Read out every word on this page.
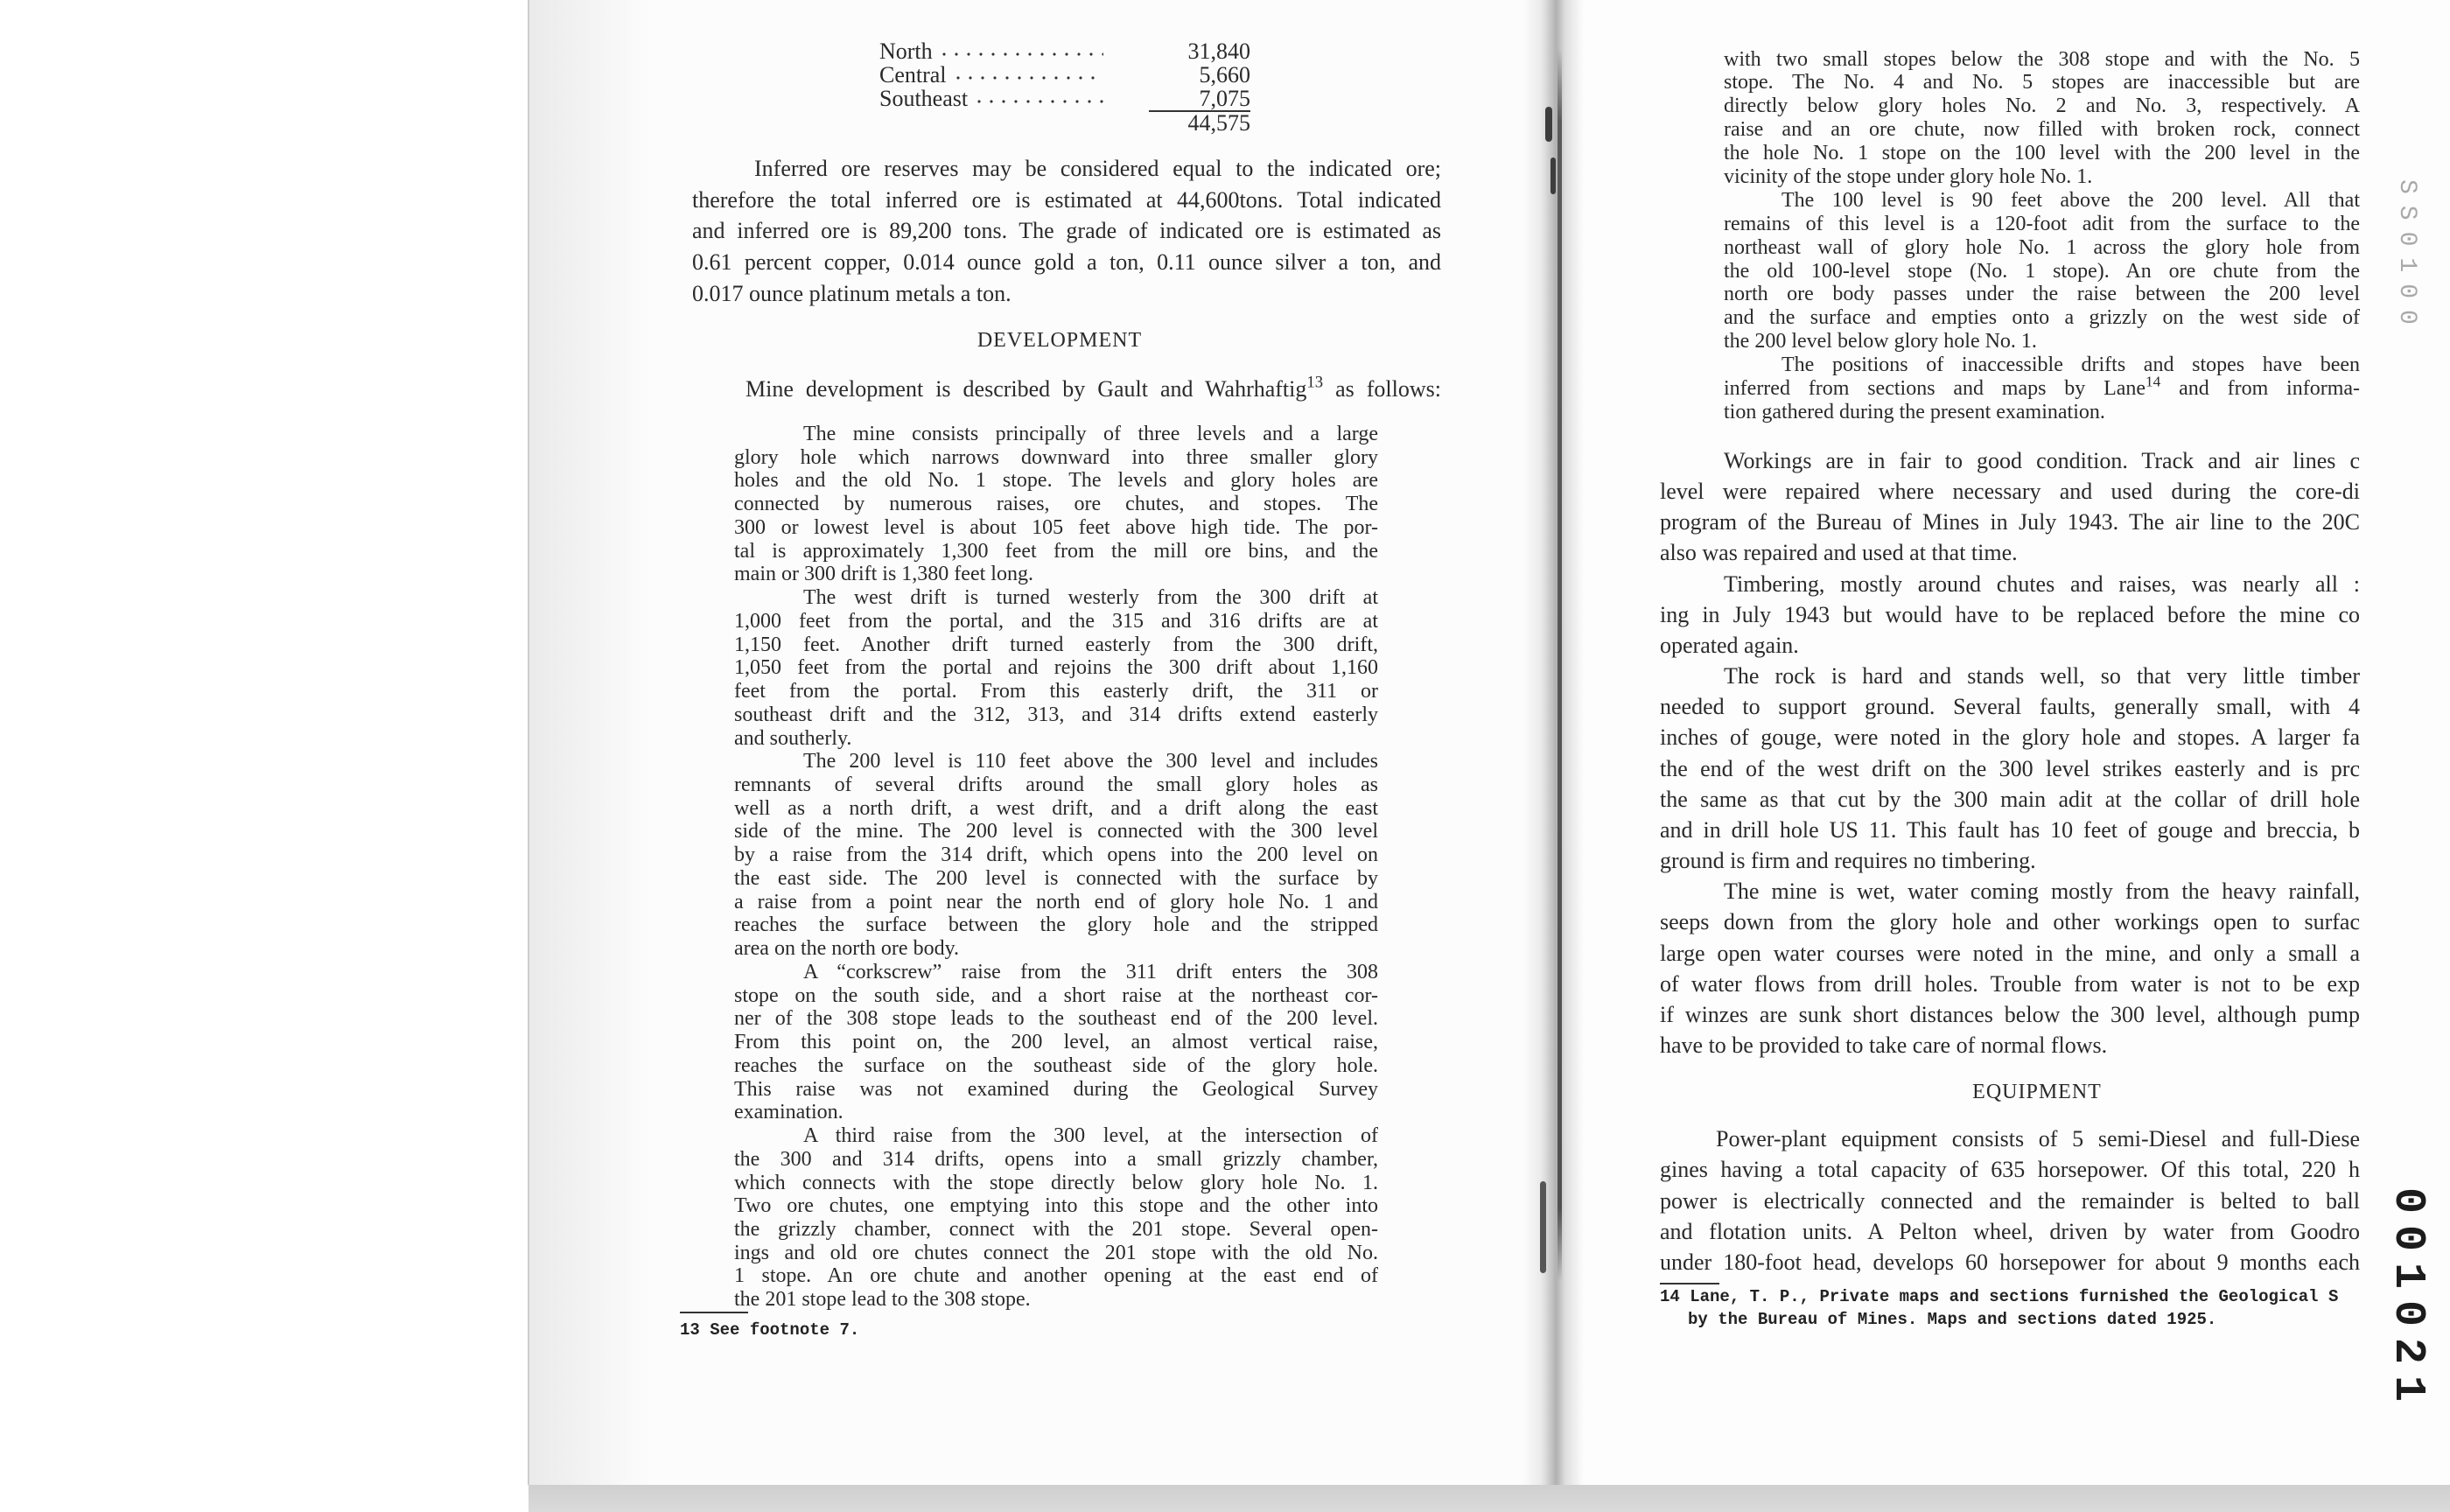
North	31,840
Central	5,660
Southeast	7,075
44,575
Inferred ore reserves may be considered equal to the indicated ore;
therefore the total inferred ore is estimated at 44,600tons. Total indicated
and inferred ore is 89,200 tons. The grade of indicated ore is estimated as
0.61 percent copper, 0.014 ounce gold a ton, 0.11 ounce silver a ton, and
0.017 ounce platinum metals a ton.
DEVELOPMENT
Mine development is described by Gault and Wahrhaftig$^{13}$ as follows:
The mine consists principally of three levels and a large
glory hole which narrows downward into three smaller glory
holes and the old No. 1 stope. The levels and glory holes are
connected by numerous raises, ore chutes, and stopes. The
300 or lowest level is about 105 feet above high tide. The por-
tal is approximately 1,300 feet from the mill ore bins, and the
main or 300 drift is 1,380 feet long.
The west drift is turned westerly from the 300 drift at
1,000 feet from the portal, and the 315 and 316 drifts are at
1,150 feet. Another drift turned easterly from the 300 drift,
1,050 feet from the portal and rejoins the 300 drift about 1,160
feet from the portal. From this easterly drift, the 311 or
southeast drift and the 312, 313, and 314 drifts extend easterly
and southerly.
The 200 level is 110 feet above the 300 level and includes
remnants of several drifts around the small glory holes as
well as a north drift, a west drift, and a drift along the east
side of the mine. The 200 level is connected with the 300 level
by a raise from the 314 drift, which opens into the 200 level on
the east side. The 200 level is connected with the surface by
a raise from a point near the north end of glory hole No. 1 and
reaches the surface between the glory hole and the stripped
area on the north ore body.
A “corkscrew” raise from the 311 drift enters the 308
stope on the south side, and a short raise at the northeast cor-
ner of the 308 stope leads to the southeast end of the 200 level.
From this point on, the 200 level, an almost vertical raise,
reaches the surface on the southeast side of the glory hole.
This raise was not examined during the Geological Survey
examination.
A third raise from the 300 level, at the intersection of
the 300 and 314 drifts, opens into a small grizzly chamber,
which connects with the stope directly below glory hole No. 1.
Two ore chutes, one emptying into this stope and the other into
the grizzly chamber, connect with the 201 stope. Several open-
ings and old ore chutes connect the 201 stope with the old No.
1 stope. An ore chute and another opening at the east end of
the 201 stope lead to the 308 stope.
13 See footnote 7.
with two small stopes below the 308 stope and with the No. 5
stope. The No. 4 and No. 5 stopes are inaccessible but are
directly below glory holes No. 2 and No. 3, respectively. A
raise and an ore chute, now filled with broken rock, connect
the hole No. 1 stope on the 100 level with the 200 level in the
vicinity of the stope under glory hole No. 1.
The 100 level is 90 feet above the 200 level. All that
remains of this level is a 120-foot adit from the surface to the
northeast wall of glory hole No. 1 across the glory hole from
the old 100-level stope (No. 1 stope). An ore chute from the
north ore body passes under the raise between the 200 level
and the surface and empties onto a grizzly on the west side of
the 200 level below glory hole No. 1.
The positions of inaccessible drifts and stopes have been
inferred from sections and maps by Lane$^{14}$ and from informa-
tion gathered during the present examination.
Workings are in fair to good condition. Track and air lines c
level were repaired where necessary and used during the core-di
program of the Bureau of Mines in July 1943. The air line to the 20C
also was repaired and used at that time.
Timbering, mostly around chutes and raises, was nearly all :
ing in July 1943 but would have to be replaced before the mine co
operated again.
The rock is hard and stands well, so that very little timber
needed to support ground. Several faults, generally small, with 4
inches of gouge, were noted in the glory hole and stopes. A larger fa
the end of the west drift on the 300 level strikes easterly and is prc
the same as that cut by the 300 main adit at the collar of drill hole
and in drill hole US 11. This fault has 10 feet of gouge and breccia, b
ground is firm and requires no timbering.
The mine is wet, water coming mostly from the heavy rainfall,
seeps down from the glory hole and other workings open to surfac
large open water courses were noted in the mine, and only a small a
of water flows from drill holes. Trouble from water is not to be exp
if winzes are sunk short distances below the 300 level, although pump
have to be provided to take care of normal flows.
EQUIPMENT
Power-plant equipment consists of 5 semi-Diesel and full-Diese
gines having a total capacity of 635 horsepower. Of this total, 220 h
power is electrically connected and the remainder is belted to ball
and flotation units. A Pelton wheel, driven by water from Goodro
under 180-foot head, develops 60 horsepower for about 9 months each
14 Lane, T. P., Private maps and sections furnished the Geological S
by the Bureau of Mines. Maps and sections dated 1925.
SS0100
001021
